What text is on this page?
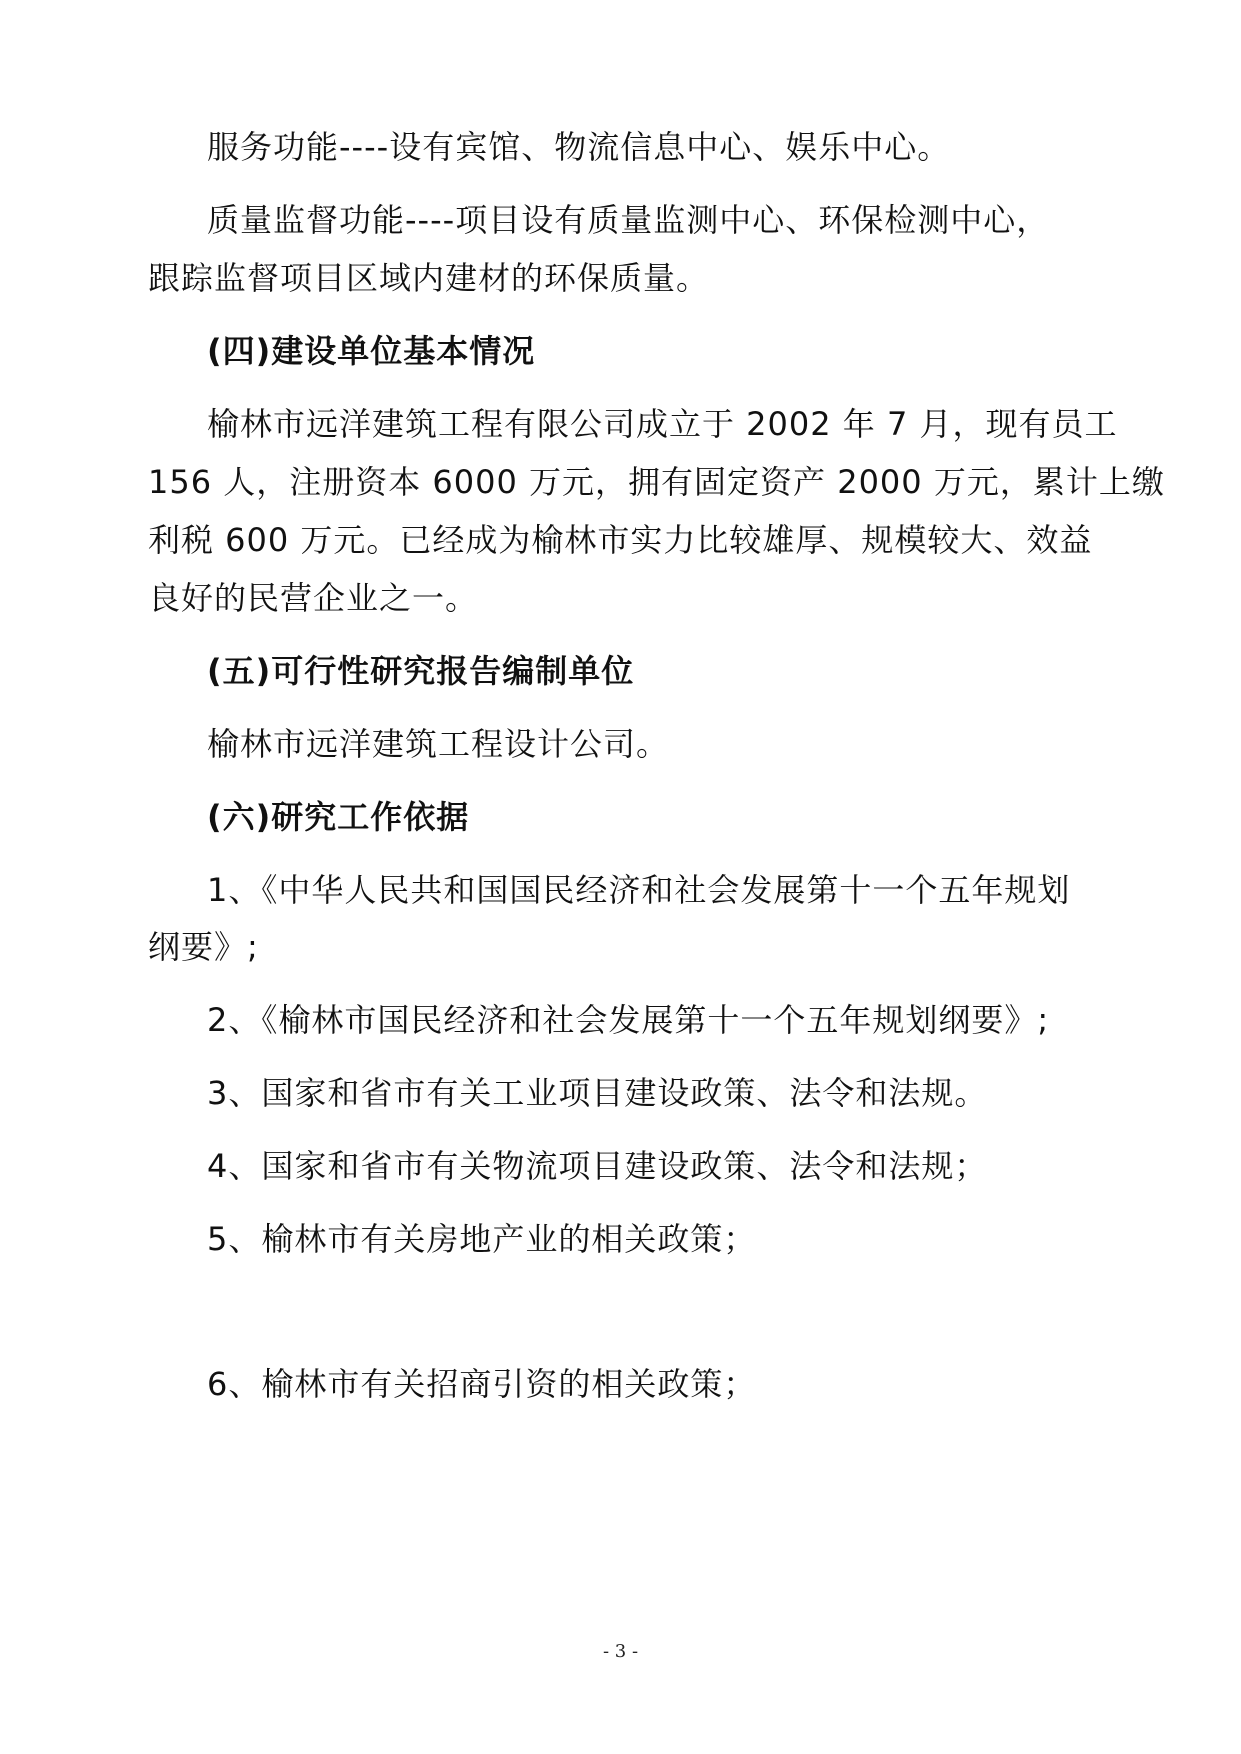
服务功能----设有宾馆、物流信息中心、娱乐中心。
质量监督功能----项目设有质量监测中心、环保检测中心，
跟踪监督项目区域内建材的环保质量。
(四)建设单位基本情况
榆林市远洋建筑工程有限公司成立于 2002 年 7 月，现有员工
156 人，注册资本 6000 万元，拥有固定资产 2000 万元，累计上缴
利税 600 万元。已经成为榆林市实力比较雄厚、规模较大、效益
良好的民营企业之一。
(五)可行性研究报告编制单位
榆林市远洋建筑工程设计公司。
(六)研究工作依据
1、《中华人民共和国国民经济和社会发展第十一个五年规划
纲要》;
2、《榆林市国民经济和社会发展第十一个五年规划纲要》;
3、国家和省市有关工业项目建设政策、法令和法规。
4、国家和省市有关物流项目建设政策、法令和法规；
5、榆林市有关房地产业的相关政策；
6、榆林市有关招商引资的相关政策；
- 3 -
